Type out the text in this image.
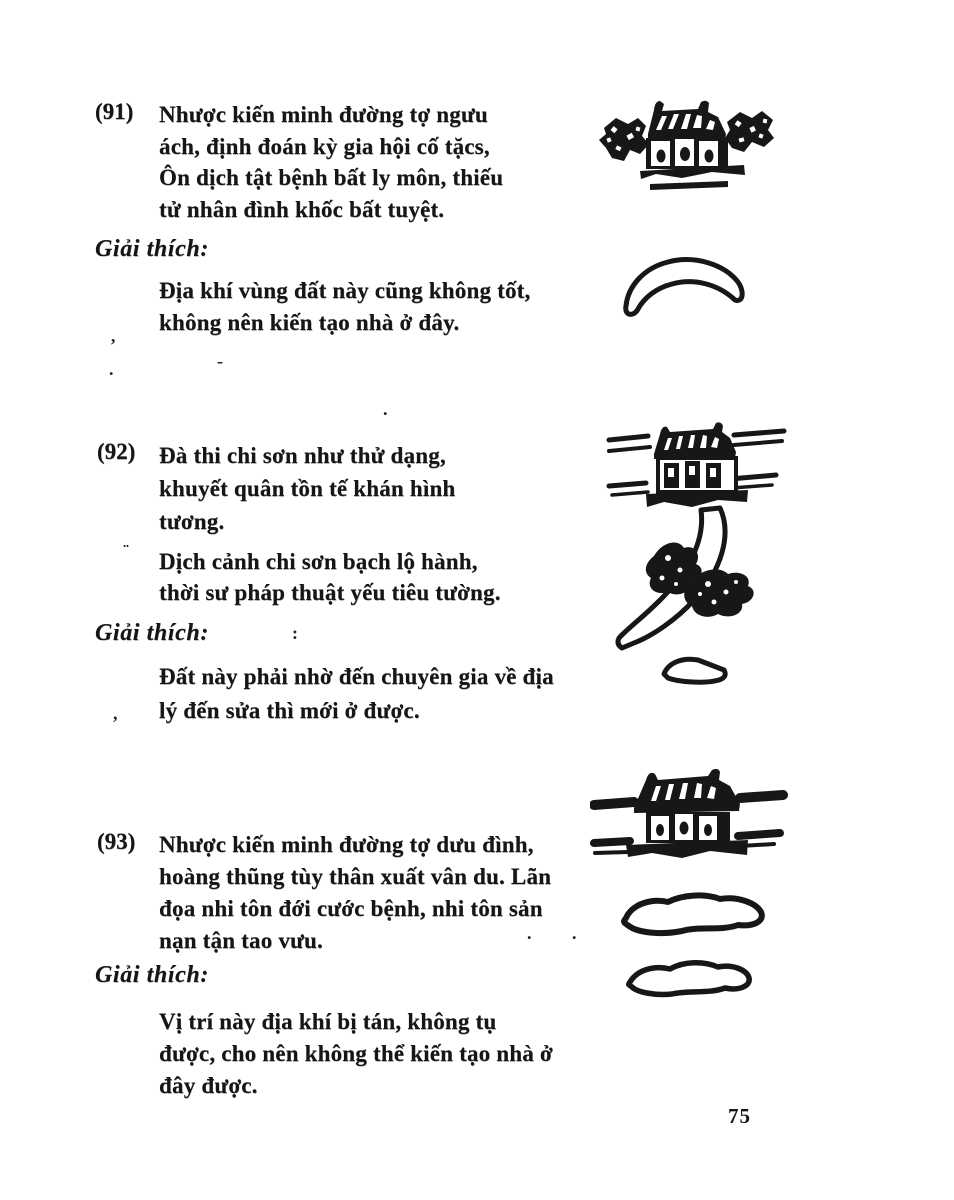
(91) Nhược kiến minh đường tợ ngưu
ách, định đoán kỳ gia hội cố tặcs,
Ôn dịch tật bệnh bất ly môn, thiếu
tử nhân đình khốc bất tuyệt.
Giải thích:
Địa khí vùng đất này cũng không tốt,
không nên kiến tạo nhà ở đây.
(92) Đà thi chi sơn như thử dạng,
khuyết quân tồn tế khán hình
tương.
Dịch cảnh chi sơn bạch lộ hành,
thời sư pháp thuật yếu tiêu tường.
Giải thích:
Đất này phải nhờ đến chuyên gia về địa
lý đến sửa thì mới ở được.
(93) Nhược kiến minh đường tợ dưu đình,
hoàng thũng tùy thân xuất vân du. Lãn
đọa nhi tôn đới cước bệnh, nhi tôn sản
nạn tận tao vưu.
Giải thích:
Vị trí này địa khí bị tán, không tụ
được, cho nên không thể kiến tạo nhà ở
đây được.
75
’
-
.
.
¨
:
,
. .
